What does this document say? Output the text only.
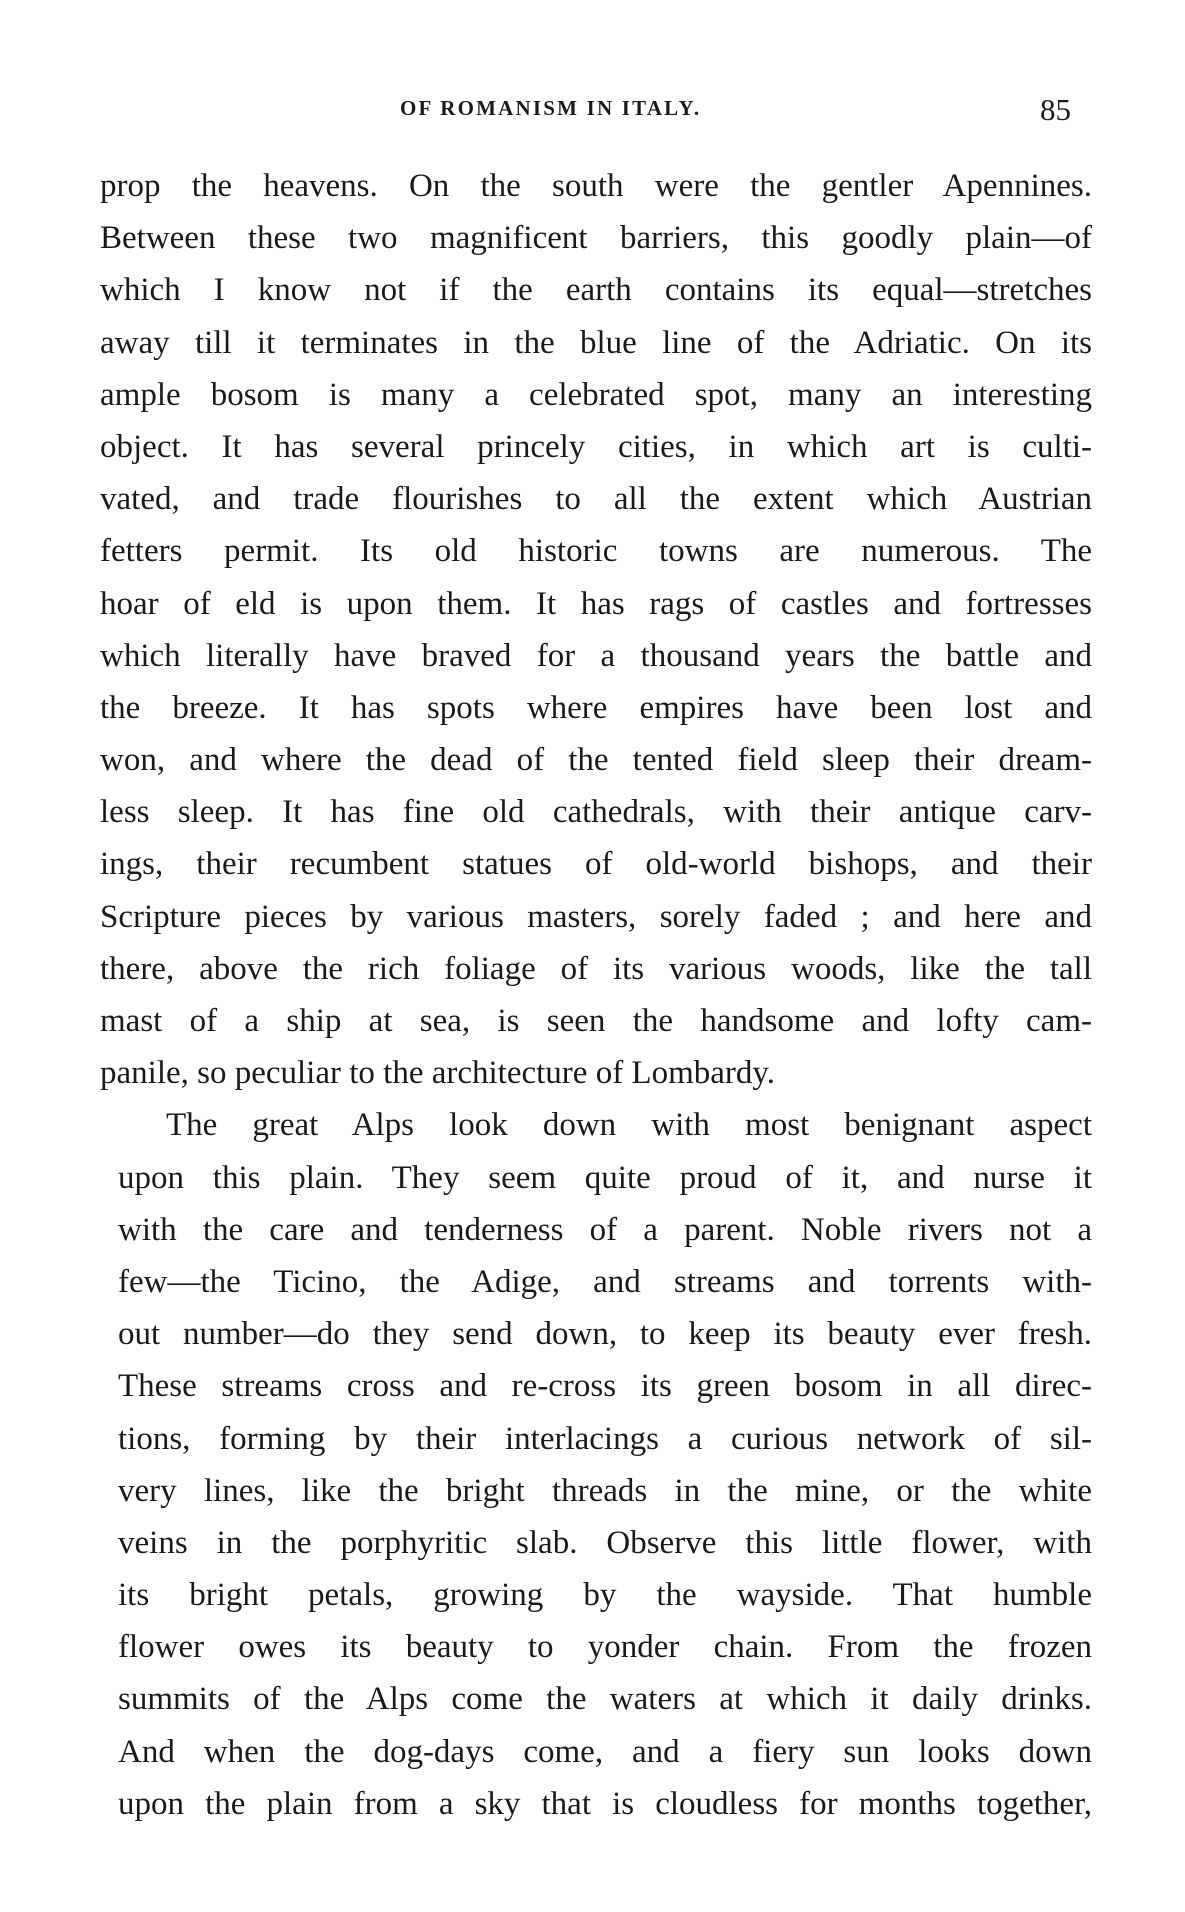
OF ROMANISM IN ITALY.	85
prop the heavens. On the south were the gentler Apennines.
Between these two magnificent barriers, this goodly plain—of
which I know not if the earth contains its equal—stretches
away till it terminates in the blue line of the Adriatic. On its
ample bosom is many a celebrated spot, many an interesting
object. It has several princely cities, in which art is culti-
vated, and trade flourishes to all the extent which Austrian
fetters permit. Its old historic towns are numerous. The
hoar of eld is upon them. It has rags of castles and fortresses
which literally have braved for a thousand years the battle and
the breeze. It has spots where empires have been lost and
won, and where the dead of the tented field sleep their dream-
less sleep. It has fine old cathedrals, with their antique carv-
ings, their recumbent statues of old-world bishops, and their
Scripture pieces by various masters, sorely faded ; and here and
there, above the rich foliage of its various woods, like the tall
mast of a ship at sea, is seen the handsome and lofty cam-
panile, so peculiar to the architecture of Lombardy.
The great Alps look down with most benignant aspect
upon this plain. They seem quite proud of it, and nurse it
with the care and tenderness of a parent. Noble rivers not a
few—the Ticino, the Adige, and streams and torrents with-
out number—do they send down, to keep its beauty ever fresh.
These streams cross and re-cross its green bosom in all direc-
tions, forming by their interlacings a curious network of sil-
very lines, like the bright threads in the mine, or the white
veins in the porphyritic slab. Observe this little flower, with
its bright petals, growing by the wayside. That humble
flower owes its beauty to yonder chain. From the frozen
summits of the Alps come the waters at which it daily drinks.
And when the dog-days come, and a fiery sun looks down
upon the plain from a sky that is cloudless for months together,
